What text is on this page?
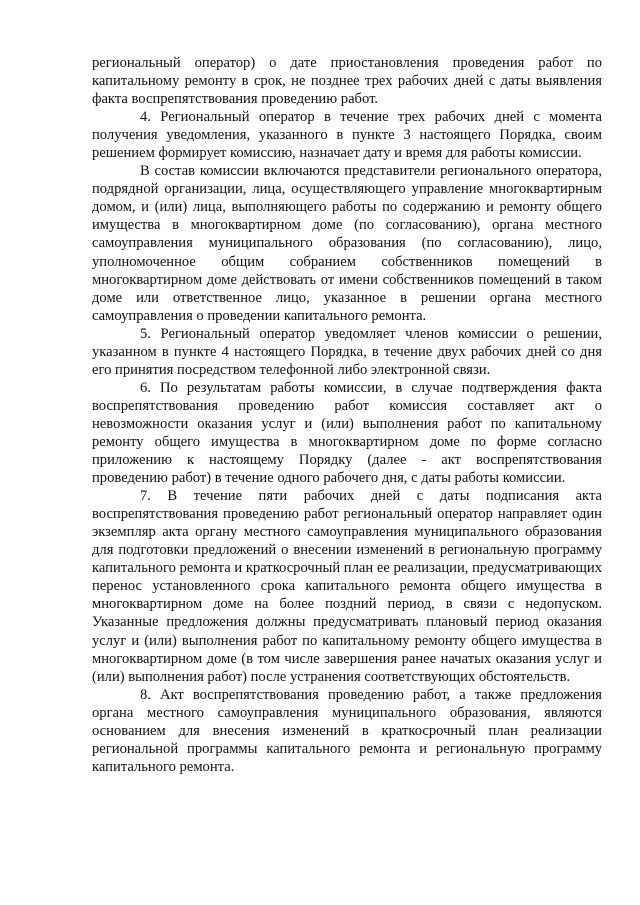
региональный оператор) о дате приостановления проведения работ по капитальному ремонту в срок, не позднее трех рабочих дней с даты выявления факта воспрепятствования проведению работ.

4. Региональный оператор в течение трех рабочих дней с момента получения уведомления, указанного в пункте 3 настоящего Порядка, своим решением формирует комиссию, назначает дату и время для работы комиссии.

В состав комиссии включаются представители регионального оператора, подрядной организации, лица, осуществляющего управление многоквартирным домом, и (или) лица, выполняющего работы по содержанию и ремонту общего имущества в многоквартирном доме (по согласованию), органа местного самоуправления муниципального образования (по согласованию), лицо, уполномоченное общим собранием собственников помещений в многоквартирном доме действовать от имени собственников помещений в таком доме или ответственное лицо, указанное в решении органа местного самоуправления о проведении капитального ремонта.

5. Региональный оператор уведомляет членов комиссии о решении, указанном в пункте 4 настоящего Порядка, в течение двух рабочих дней со дня его принятия посредством телефонной либо электронной связи.

6. По результатам работы комиссии, в случае подтверждения факта воспрепятствования проведению работ комиссия составляет акт о невозможности оказания услуг и (или) выполнения работ по капитальному ремонту общего имущества в многоквартирном доме по форме согласно приложению к настоящему Порядку (далее - акт воспрепятствования проведению работ) в течение одного рабочего дня, с даты работы комиссии.

7. В течение пяти рабочих дней с даты подписания акта воспрепятствования проведению работ региональный оператор направляет один экземпляр акта органу местного самоуправления муниципального образования для подготовки предложений о внесении изменений в региональную программу капитального ремонта и краткосрочный план ее реализации, предусматривающих перенос установленного срока капитального ремонта общего имущества в многоквартирном доме на более поздний период, в связи с недопуском. Указанные предложения должны предусматривать плановый период оказания услуг и (или) выполнения работ по капитальному ремонту общего имущества в многоквартирном доме (в том числе завершения ранее начатых оказания услуг и (или) выполнения работ) после устранения соответствующих обстоятельств.

8. Акт воспрепятствования проведению работ, а также предложения органа местного самоуправления муниципального образования, являются основанием для внесения изменений в краткосрочный план реализации региональной программы капитального ремонта и региональную программу капитального ремонта.
